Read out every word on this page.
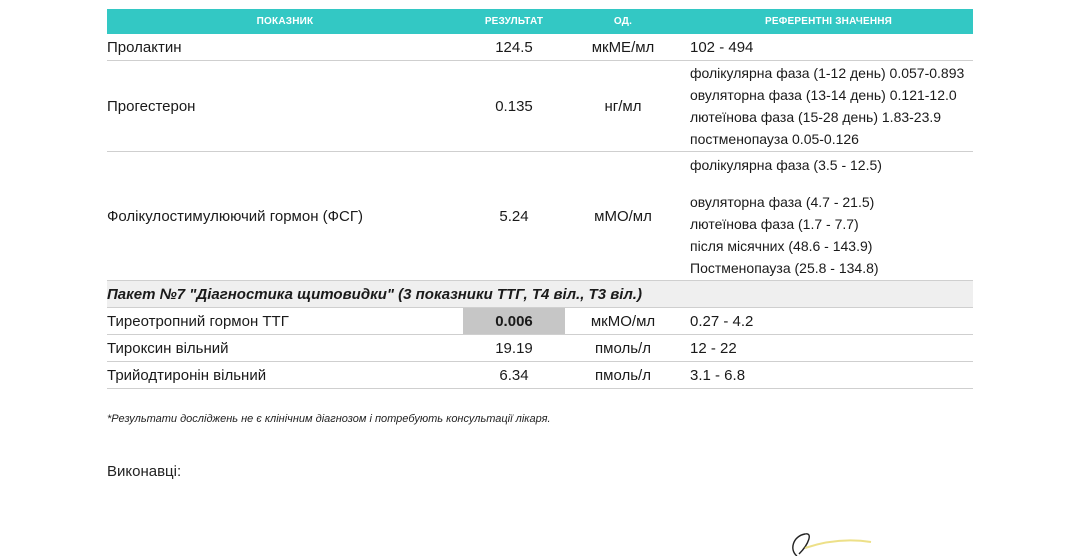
ПОКАЗНИК	РЕЗУЛЬТАТ	ОД.	РЕФЕРЕНТНІ ЗНАЧЕННЯ
Пролактин	124.5	мкМЕ/мл	102 - 494
Прогестерон	0.135	нг/мл	фолікулярна фаза (1-12 день) 0.057-0.893
овуляторна фаза (13-14 день) 0.121-12.0
лютеїнова фаза (15-28 день) 1.83-23.9
постменопауза 0.05-0.126

Фолікулостимулюючий гормон (ФСГ)	5.24	мМО/мл	фолікулярна фаза (3.5 - 12.5)
овуляторна фаза (4.7 - 21.5)
лютеїнова фаза (1.7 - 7.7)
після місячних (48.6 - 143.9)
Постменопауза (25.8 - 134.8)

Пакет №7 "Діагностика щитовидки" (3 показники ТТГ, Т4 віл., Т3 віл.)			
Тиреотропний гормон ТТГ	0.006	мкМО/мл	0.27 - 4.2
Тироксин вільний	19.19	пмоль/л	12 - 22
Трийодтиронін вільний	6.34	пмоль/л	3.1 - 6.8
*Результати досліджень не є клінічним діагнозом і потребують консультації лікаря.
Виконавці:
